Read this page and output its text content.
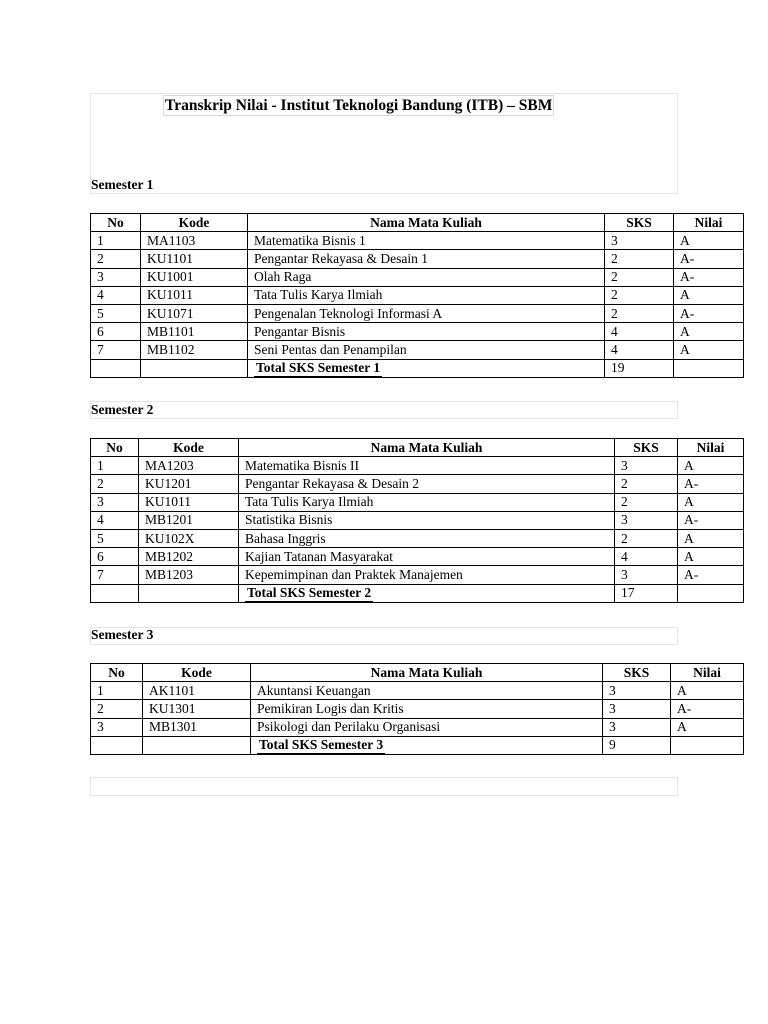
Transkrip Nilai - Institut Teknologi Bandung (ITB) – SBM
Semester 1
Semester 2
Semester 3
No	Kode	Nama Mata Kuliah	SKS	Nilai
1	MA1103	Matematika Bisnis 1	3	A
2	KU1101	Pengantar Rekayasa & Desain 1	2	A-
3	KU1001	Olah Raga	2	A-
4	KU1011	Tata Tulis Karya Ilmiah	2	A
5	KU1071	Pengenalan Teknologi Informasi A	2	A-
6	MB1101	Pengantar Bisnis	4	A
7	MB1102	Seni Pentas dan Penampilan	4	A
		Total SKS Semester 1	19	
No	Kode	Nama Mata Kuliah	SKS	Nilai
1	MA1203	Matematika Bisnis II	3	A
2	KU1201	Pengantar Rekayasa & Desain 2	2	A-
3	KU1011	Tata Tulis Karya Ilmiah	2	A
4	MB1201	Statistika Bisnis	3	A-
5	KU102X	Bahasa Inggris	2	A
6	MB1202	Kajian Tatanan Masyarakat	4	A
7	MB1203	Kepemimpinan dan Praktek Manajemen	3	A-
		Total SKS Semester 2	17	
No	Kode	Nama Mata Kuliah	SKS	Nilai
1	AK1101	Akuntansi Keuangan	3	A
2	KU1301	Pemikiran Logis dan Kritis	3	A-
3	MB1301	Psikologi dan Perilaku Organisasi	3	A
		Total SKS Semester 3	9	
